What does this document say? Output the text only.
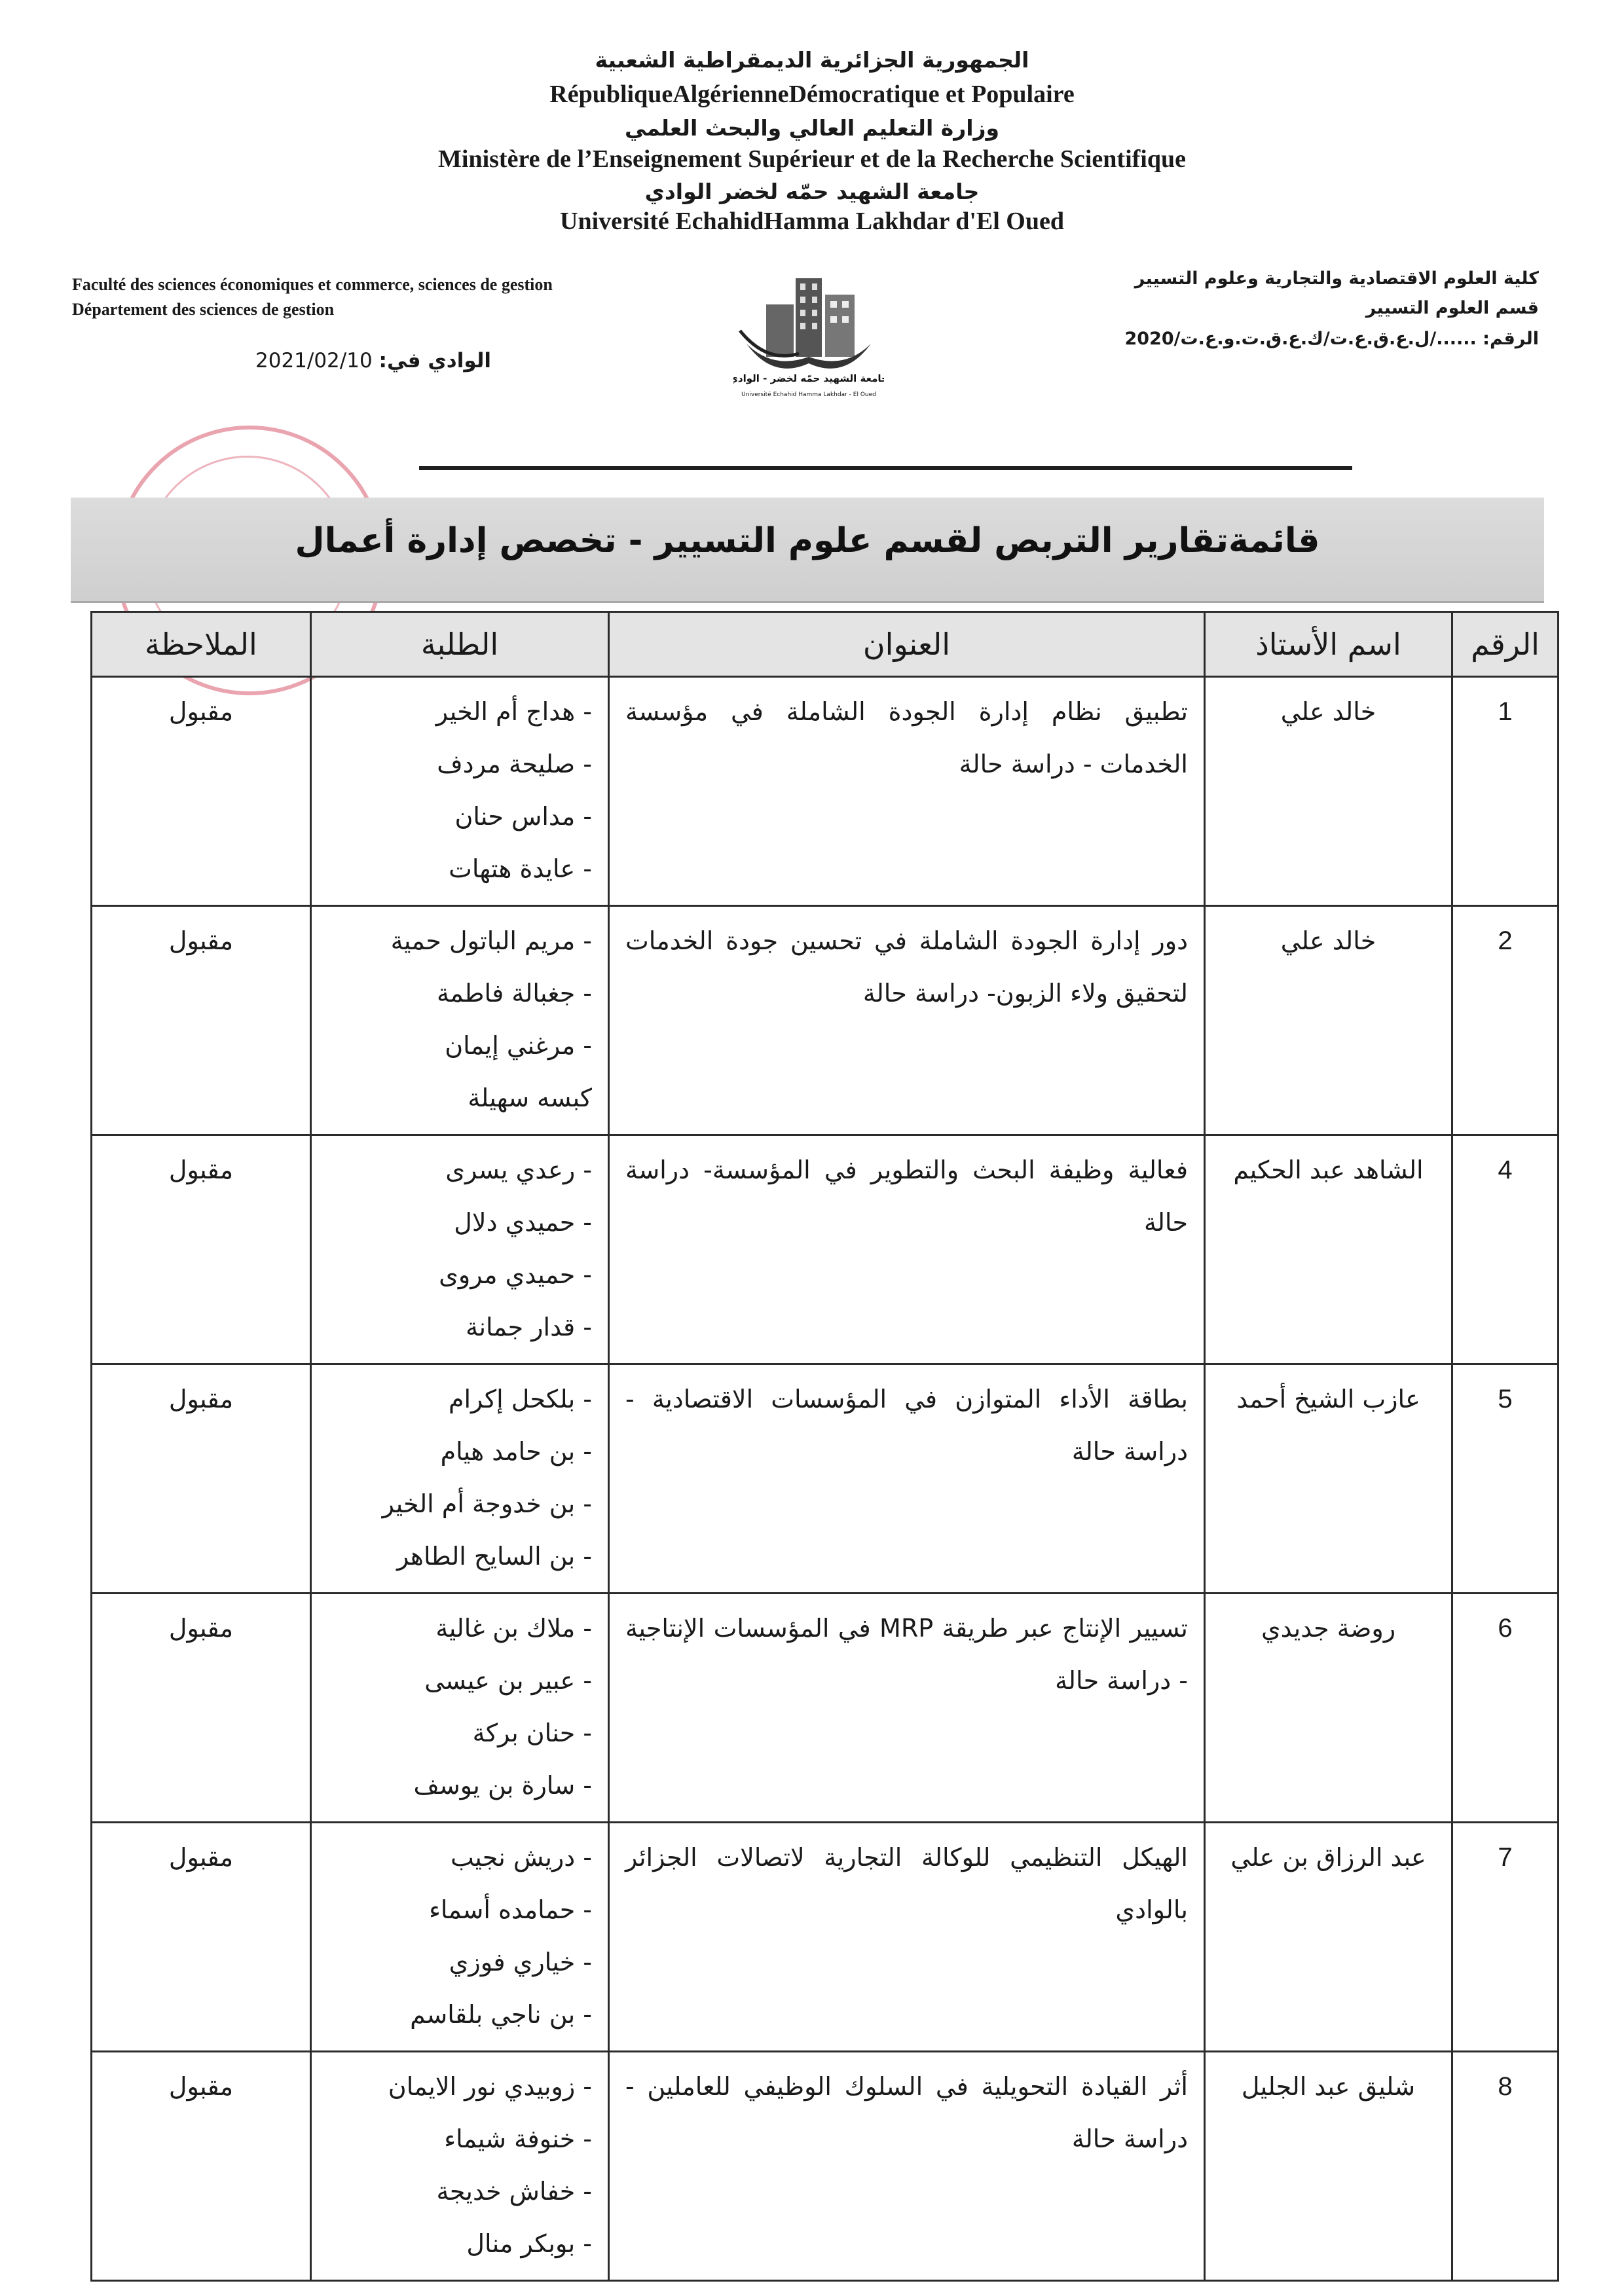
الجمهورية الجزائرية الديمقراطية الشعبية
RépubliqueAlgérienneDémocratique et Populaire
وزارة التعليم العالي والبحث العلمي
Ministère de l’Enseignement Supérieur et de la Recherche Scientifique
جامعة الشهيد حمّه لخضر الوادي
Université EchahidHamma Lakhdar d'El Oued
Faculté des sciences économiques et commerce, sciences de gestion
Département des sciences de gestion
الوادي في: 2021/02/10
كلية العلوم الاقتصادية والتجارية وعلوم التسيير
قسم العلوم التسيير
الرقم: ....../ل.ع.ق.ع.ت/ك.ع.ق.ت.و.ع.ت/2020
جامعة الشهيد حمّه لخضر - الوادي
Université Echahid Hamma Lakhdar - El Oued
قائمةتقارير التربص لقسم علوم التسيير - تخصص إدارة أعمال
الرقم	اسم الأستاذ	العنوان	الطلبة	الملاحظة
1	خالد علي	تطبيق نظام إدارة الجودة الشاملة في مؤسسة الخدمات - دراسة حالة	- هداج أم الخير
- صليحة مردف
- مداس حنان
- عايدة هتهات	مقبول
2	خالد علي	دور إدارة الجودة الشاملة في تحسين جودة الخدمات لتحقيق ولاء الزبون- دراسة حالة	- مريم الباتول حمية
- جغبالة فاطمة
- مرغني إيمان
كبسه سهيلة	مقبول
4	الشاهد عبد الحكيم	فعالية وظيفة البحث والتطوير في المؤسسة- دراسة حالة	- رعدي يسرى
- حميدي دلال
- حميدي مروى
- قدار جمانة	مقبول
5	عازب الشيخ أحمد	بطاقة الأداء المتوازن في المؤسسات الاقتصادية - دراسة حالة	- بلكحل إكرام
- بن حامد هيام
- بن خدوجة أم الخير
- بن السايح الطاهر	مقبول
6	روضة جديدي	تسيير الإنتاج عبر طريقة MRP في المؤسسات الإنتاجية - دراسة حالة	- ملاك بن غالية
- عبير بن عيسى
- حنان بركة
- سارة بن يوسف	مقبول
7	عبد الرزاق بن علي	الهيكل التنظيمي للوكالة التجارية لاتصالات الجزائر بالوادي	- دريش نجيب
- حمامده أسماء
- خياري فوزي
- بن ناجي بلقاسم	مقبول
8	شليق عبد الجليل	أثر القيادة التحويلية في السلوك الوظيفي للعاملين - دراسة حالة	- زوبيدي نور الايمان
- خنوفة شيماء
- خفاش خديجة
- بوبكر منال	مقبول
